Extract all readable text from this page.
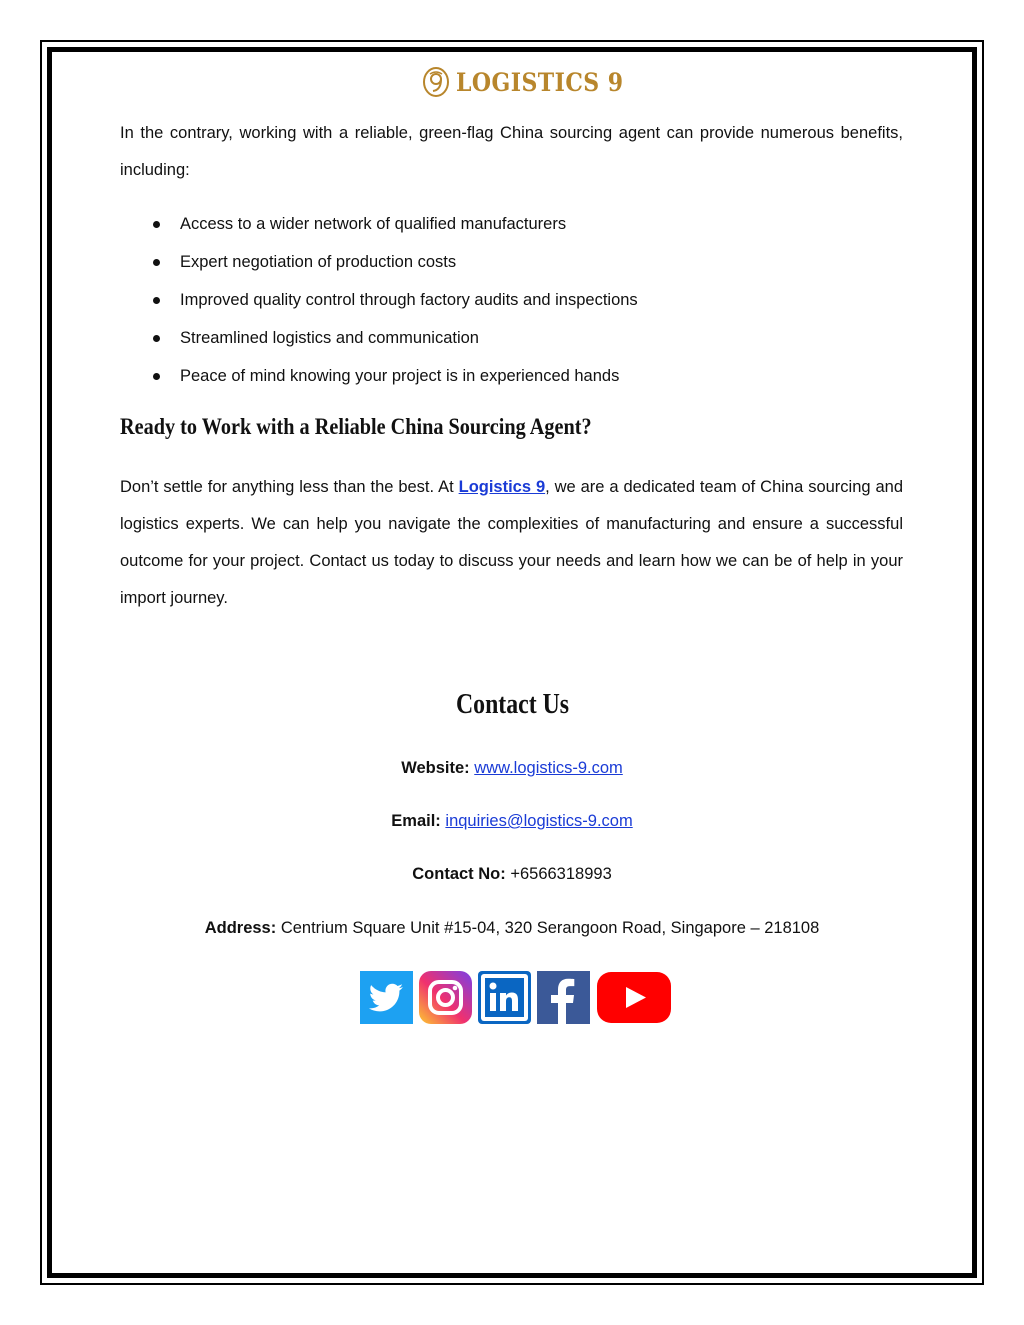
LOGISTICS 9

In the contrary, working with a reliable, green-flag China sourcing agent can provide numerous benefits, including:

Access to a wider network of qualified manufacturers
Expert negotiation of production costs
Improved quality control through factory audits and inspections
Streamlined logistics and communication
Peace of mind knowing your project is in experienced hands
Ready to Work with a Reliable China Sourcing Agent?

Don’t settle for anything less than the best. At Logistics 9, we are a dedicated team of China sourcing and logistics experts. We can help you navigate the complexities of manufacturing and ensure a successful outcome for your project. Contact us today to discuss your needs and learn how we can be of help in your import journey.

Contact Us
Website: www.logistics-9.com
Email: inquiries@logistics-9.com
Contact No: +6566318993
Address: Centrium Square Unit #15-04, 320 Serangoon Road, Singapore – 218108
